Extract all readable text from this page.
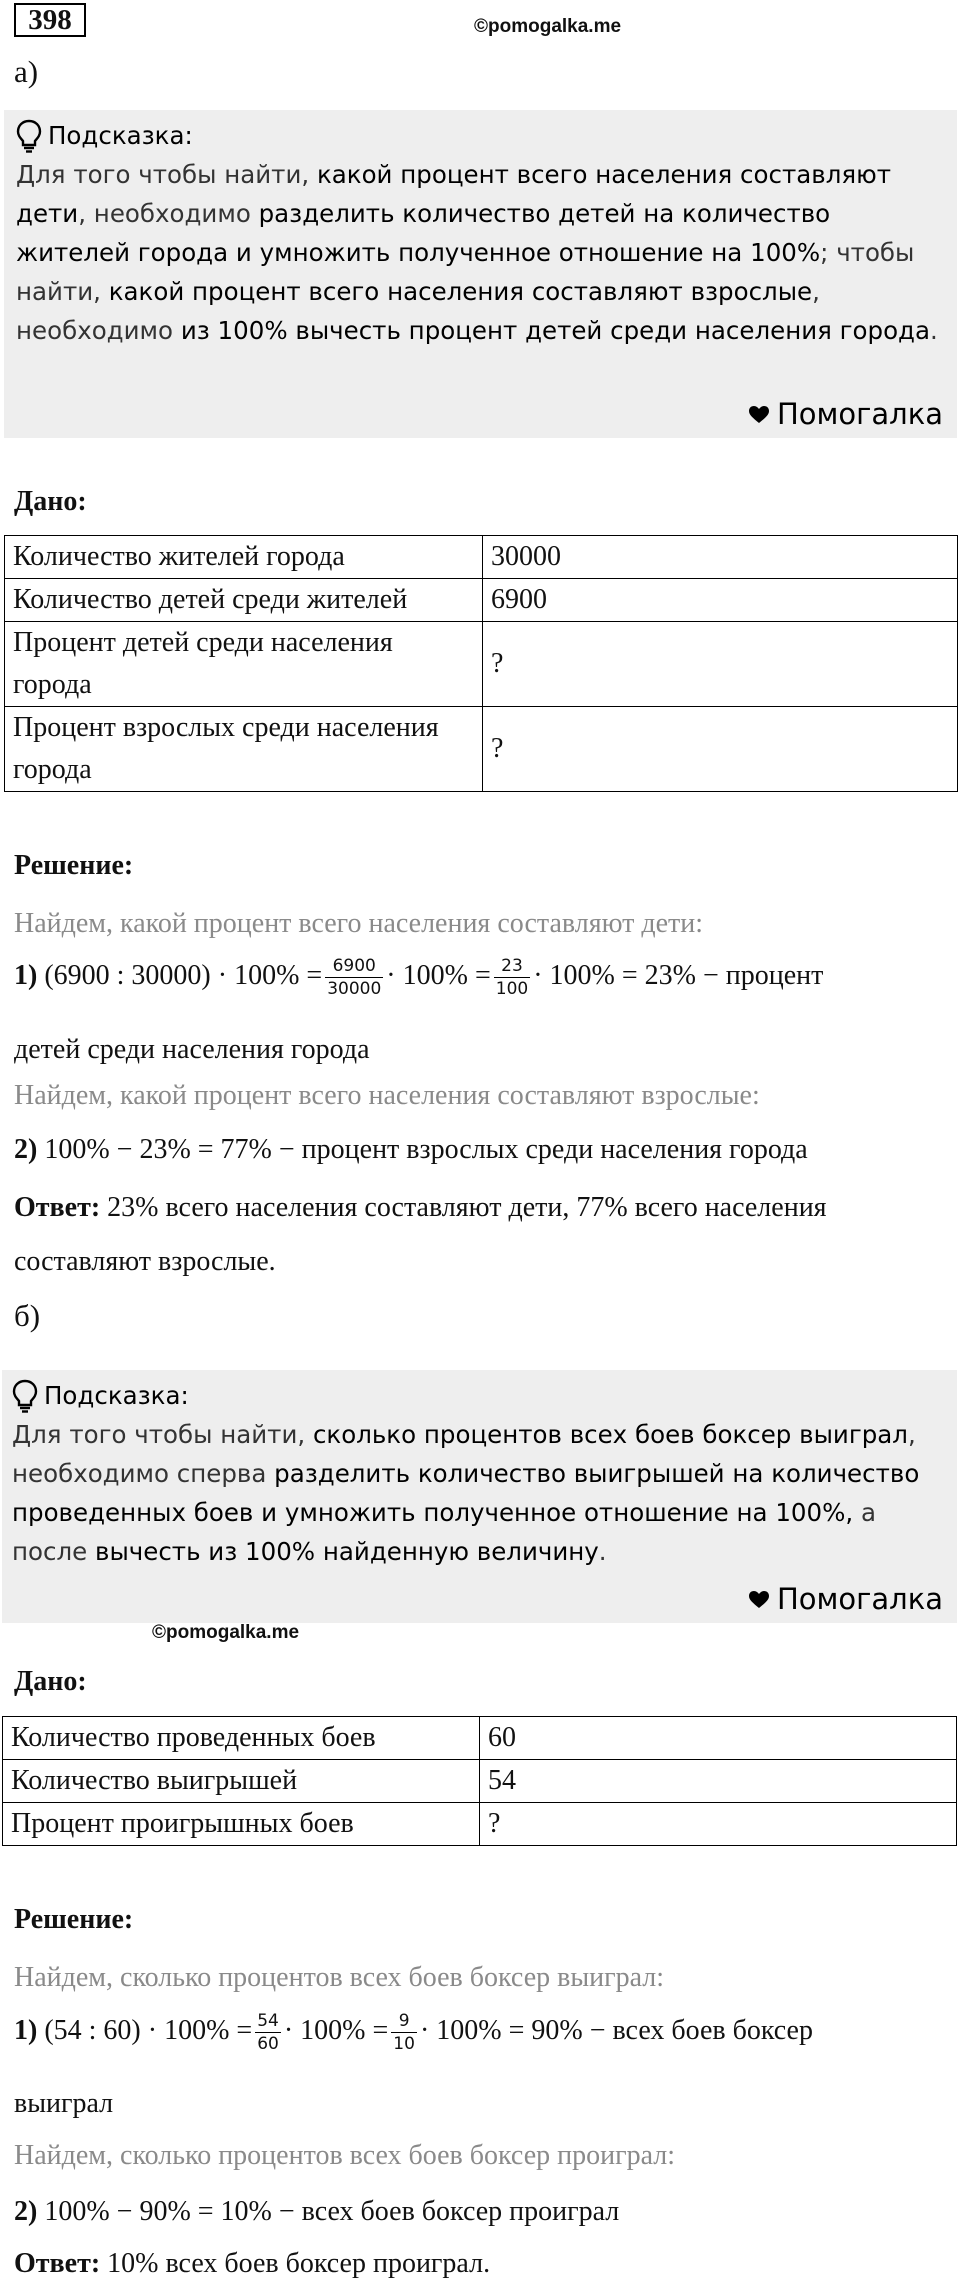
398	©pomogalka.me
а)
Подсказка:
Для того чтобы найти, какой процент всего населения составляют дети, необходимо разделить количество детей на количество жителей города и умножить полученное отношение на 100%; чтобы найти, какой процент всего населения составляют взрослые, необходимо из 100% вычесть процент детей среди населения города.
Помогалка
Дано:
Количество жителей города	30000
Количество детей среди жителей	6900
Процент детей среди населения города	?
Процент взрослых среди населения города	?
Решение:
Найдем, какой процент всего населения составляют дети:
1) (6900 : $30000) \cdot 100\% = \frac{6900}{30000} \cdot 100\% = \frac{23}{100} \cdot 100\% = 23\%$ − процент
детей среди населения города
Найдем, какой процент всего населения составляют взрослые:
2) 100% − 23% = 77% − процент взрослых среди населения города
Ответ: 23% всего населения составляют дети, 77% всего населения
составляют взрослые.
б)
Подсказка:
Для того чтобы найти, сколько процентов всех боев боксер выиграл, необходимо сперва разделить количество выигрышей на количество проведенных боев и умножить полученное отношение на 100%, а после вычесть из 100% найденную величину.
Помогалка
©pomogalka.me
Дано:
Количество проведенных боев	60
Количество выигрышей	54
Процент проигрышных боев	?
Решение:
Найдем, сколько процентов всех боев боксер выиграл:
1) (54 : $60) \cdot 100\% = \frac{54}{60} \cdot 100\% = \frac{9}{10} \cdot 100\% = 90\%$ − всех боев боксер
выиграл
Найдем, сколько процентов всех боев боксер проиграл:
2) 100% − 90% = 10% − всех боев боксер проиграл
Ответ: 10% всех боев боксер проиграл.
